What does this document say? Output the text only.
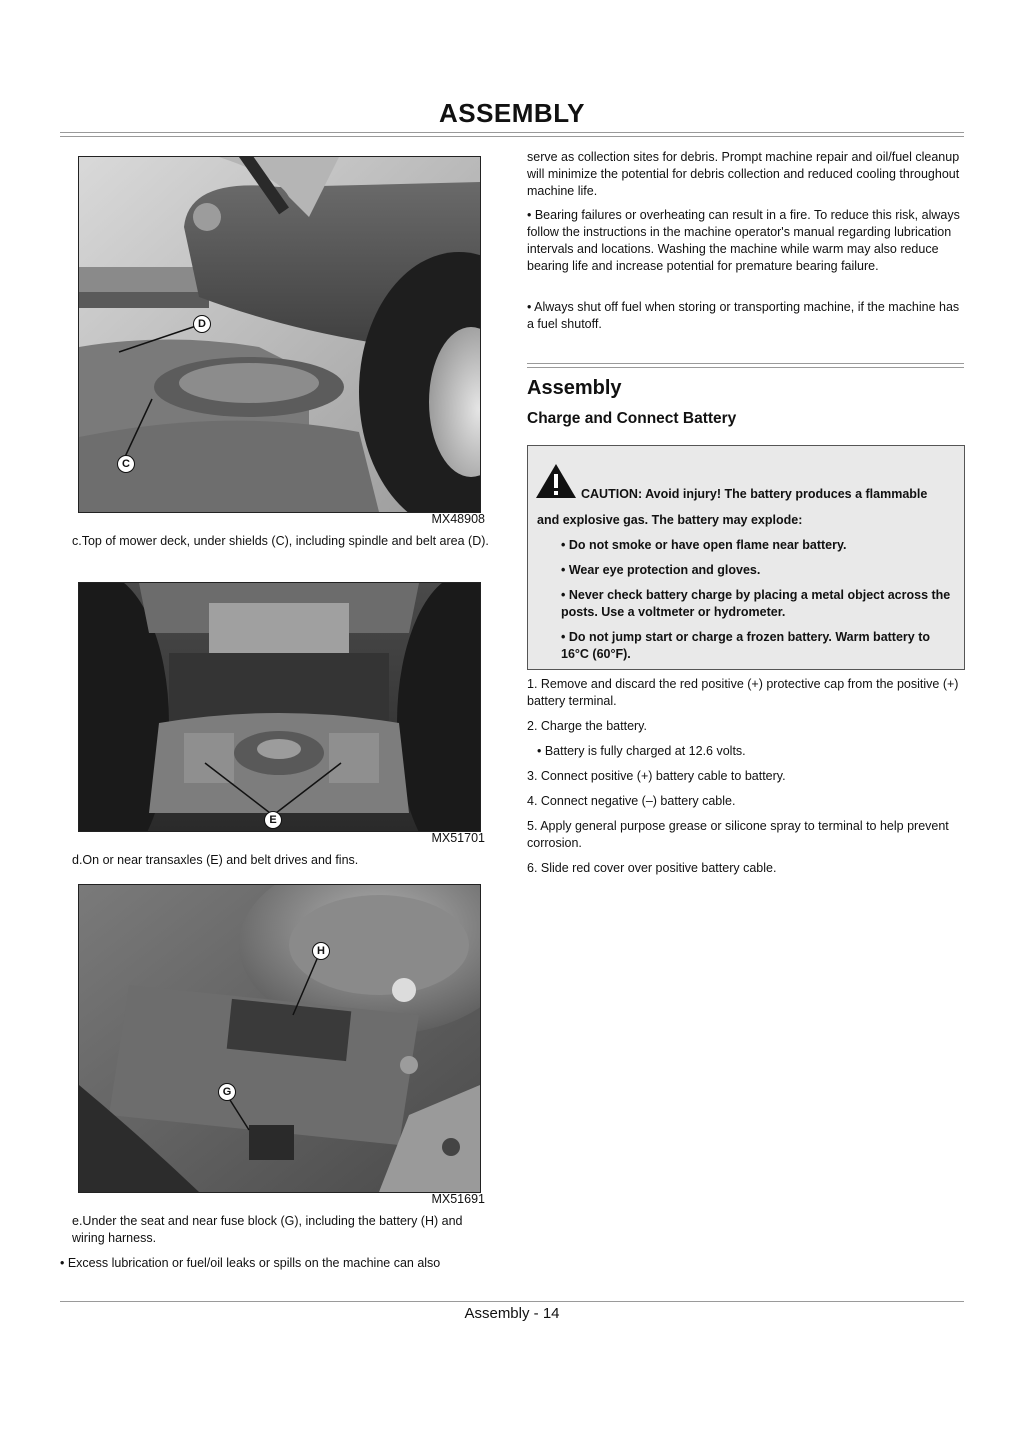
ASSEMBLY
D
C
MX48908
c.Top of mower deck, under shields (C), including spindle and belt area (D).
E
MX51701
d.On or near transaxles (E) and belt drives and fins.
H
G
MX51691
e.Under the seat and near fuse block (G), including the battery (H) and wiring harness.
• Excess lubrication or fuel/oil leaks or spills on the machine can also
serve as collection sites for debris. Prompt machine repair and oil/fuel cleanup will minimize the potential for debris collection and reduced cooling throughout machine life.
• Bearing failures or overheating can result in a fire. To reduce this risk, always follow the instructions in the machine operator's manual regarding lubrication intervals and locations. Washing the machine while warm may also reduce bearing life and increase potential for premature bearing failure.
• Always shut off fuel when storing or transporting machine, if the machine has a fuel shutoff.
Assembly
Charge and Connect Battery
CAUTION: Avoid injury! The battery produces a flammable
and explosive gas. The battery may explode:
• Do not smoke or have open flame near battery.
• Wear eye protection and gloves.
• Never check battery charge by placing a metal object across the posts. Use a voltmeter or hydrometer.
• Do not jump start or charge a frozen battery. Warm battery to 16°C (60°F).
1. Remove and discard the red positive (+) protective cap from the positive (+) battery terminal.
2. Charge the battery.
• Battery is fully charged at 12.6 volts.
3. Connect positive (+) battery cable to battery.
4. Connect negative (–) battery cable.
5. Apply general purpose grease or silicone spray to terminal to help prevent corrosion.
6. Slide red cover over positive battery cable.
Assembly - 14
